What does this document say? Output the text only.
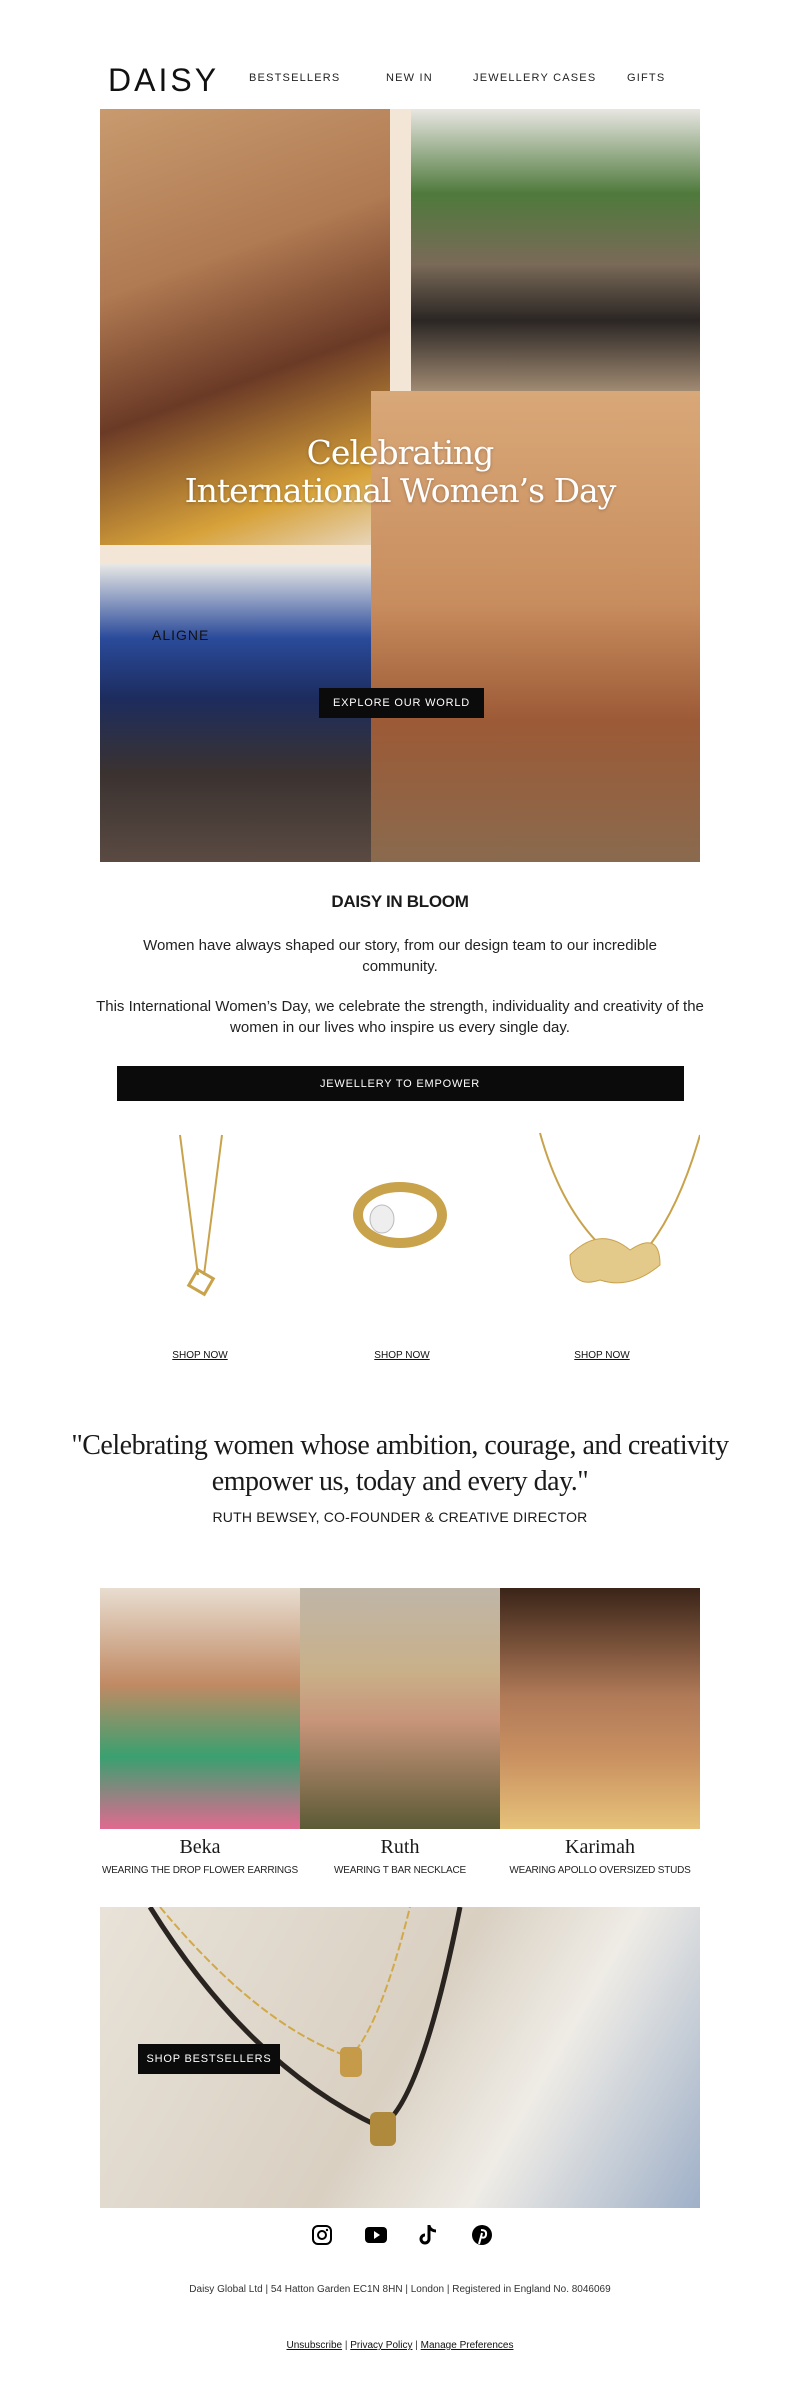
DAISY	BESTSELLERS	NEW IN	JEWELLERY CASES	GIFTS
ALIGNE
Celebrating
International Women’s Day
EXPLORE OUR WORLD
DAISY IN BLOOM
Women have always shaped our story, from our design team to our incredible community.
This International Women’s Day, we celebrate the strength, individuality and creativity of the women in our lives who inspire us every single day.
JEWELLERY TO EMPOWER
SHOP NOW	SHOP NOW	SHOP NOW
"Celebrating women whose ambition, courage, and creativity empower us, today and every day."
RUTH BEWSEY, CO-FOUNDER & CREATIVE DIRECTOR
Beka	Ruth	Karimah
WEARING THE DROP FLOWER EARRINGS	WEARING T BAR NECKLACE	WEARING APOLLO OVERSIZED STUDS
SHOP BESTSELLERS
Daisy Global Ltd | 54 Hatton Garden EC1N 8HN | London | Registered in England No. 8046069
Unsubscribe | Privacy Policy | Manage Preferences
